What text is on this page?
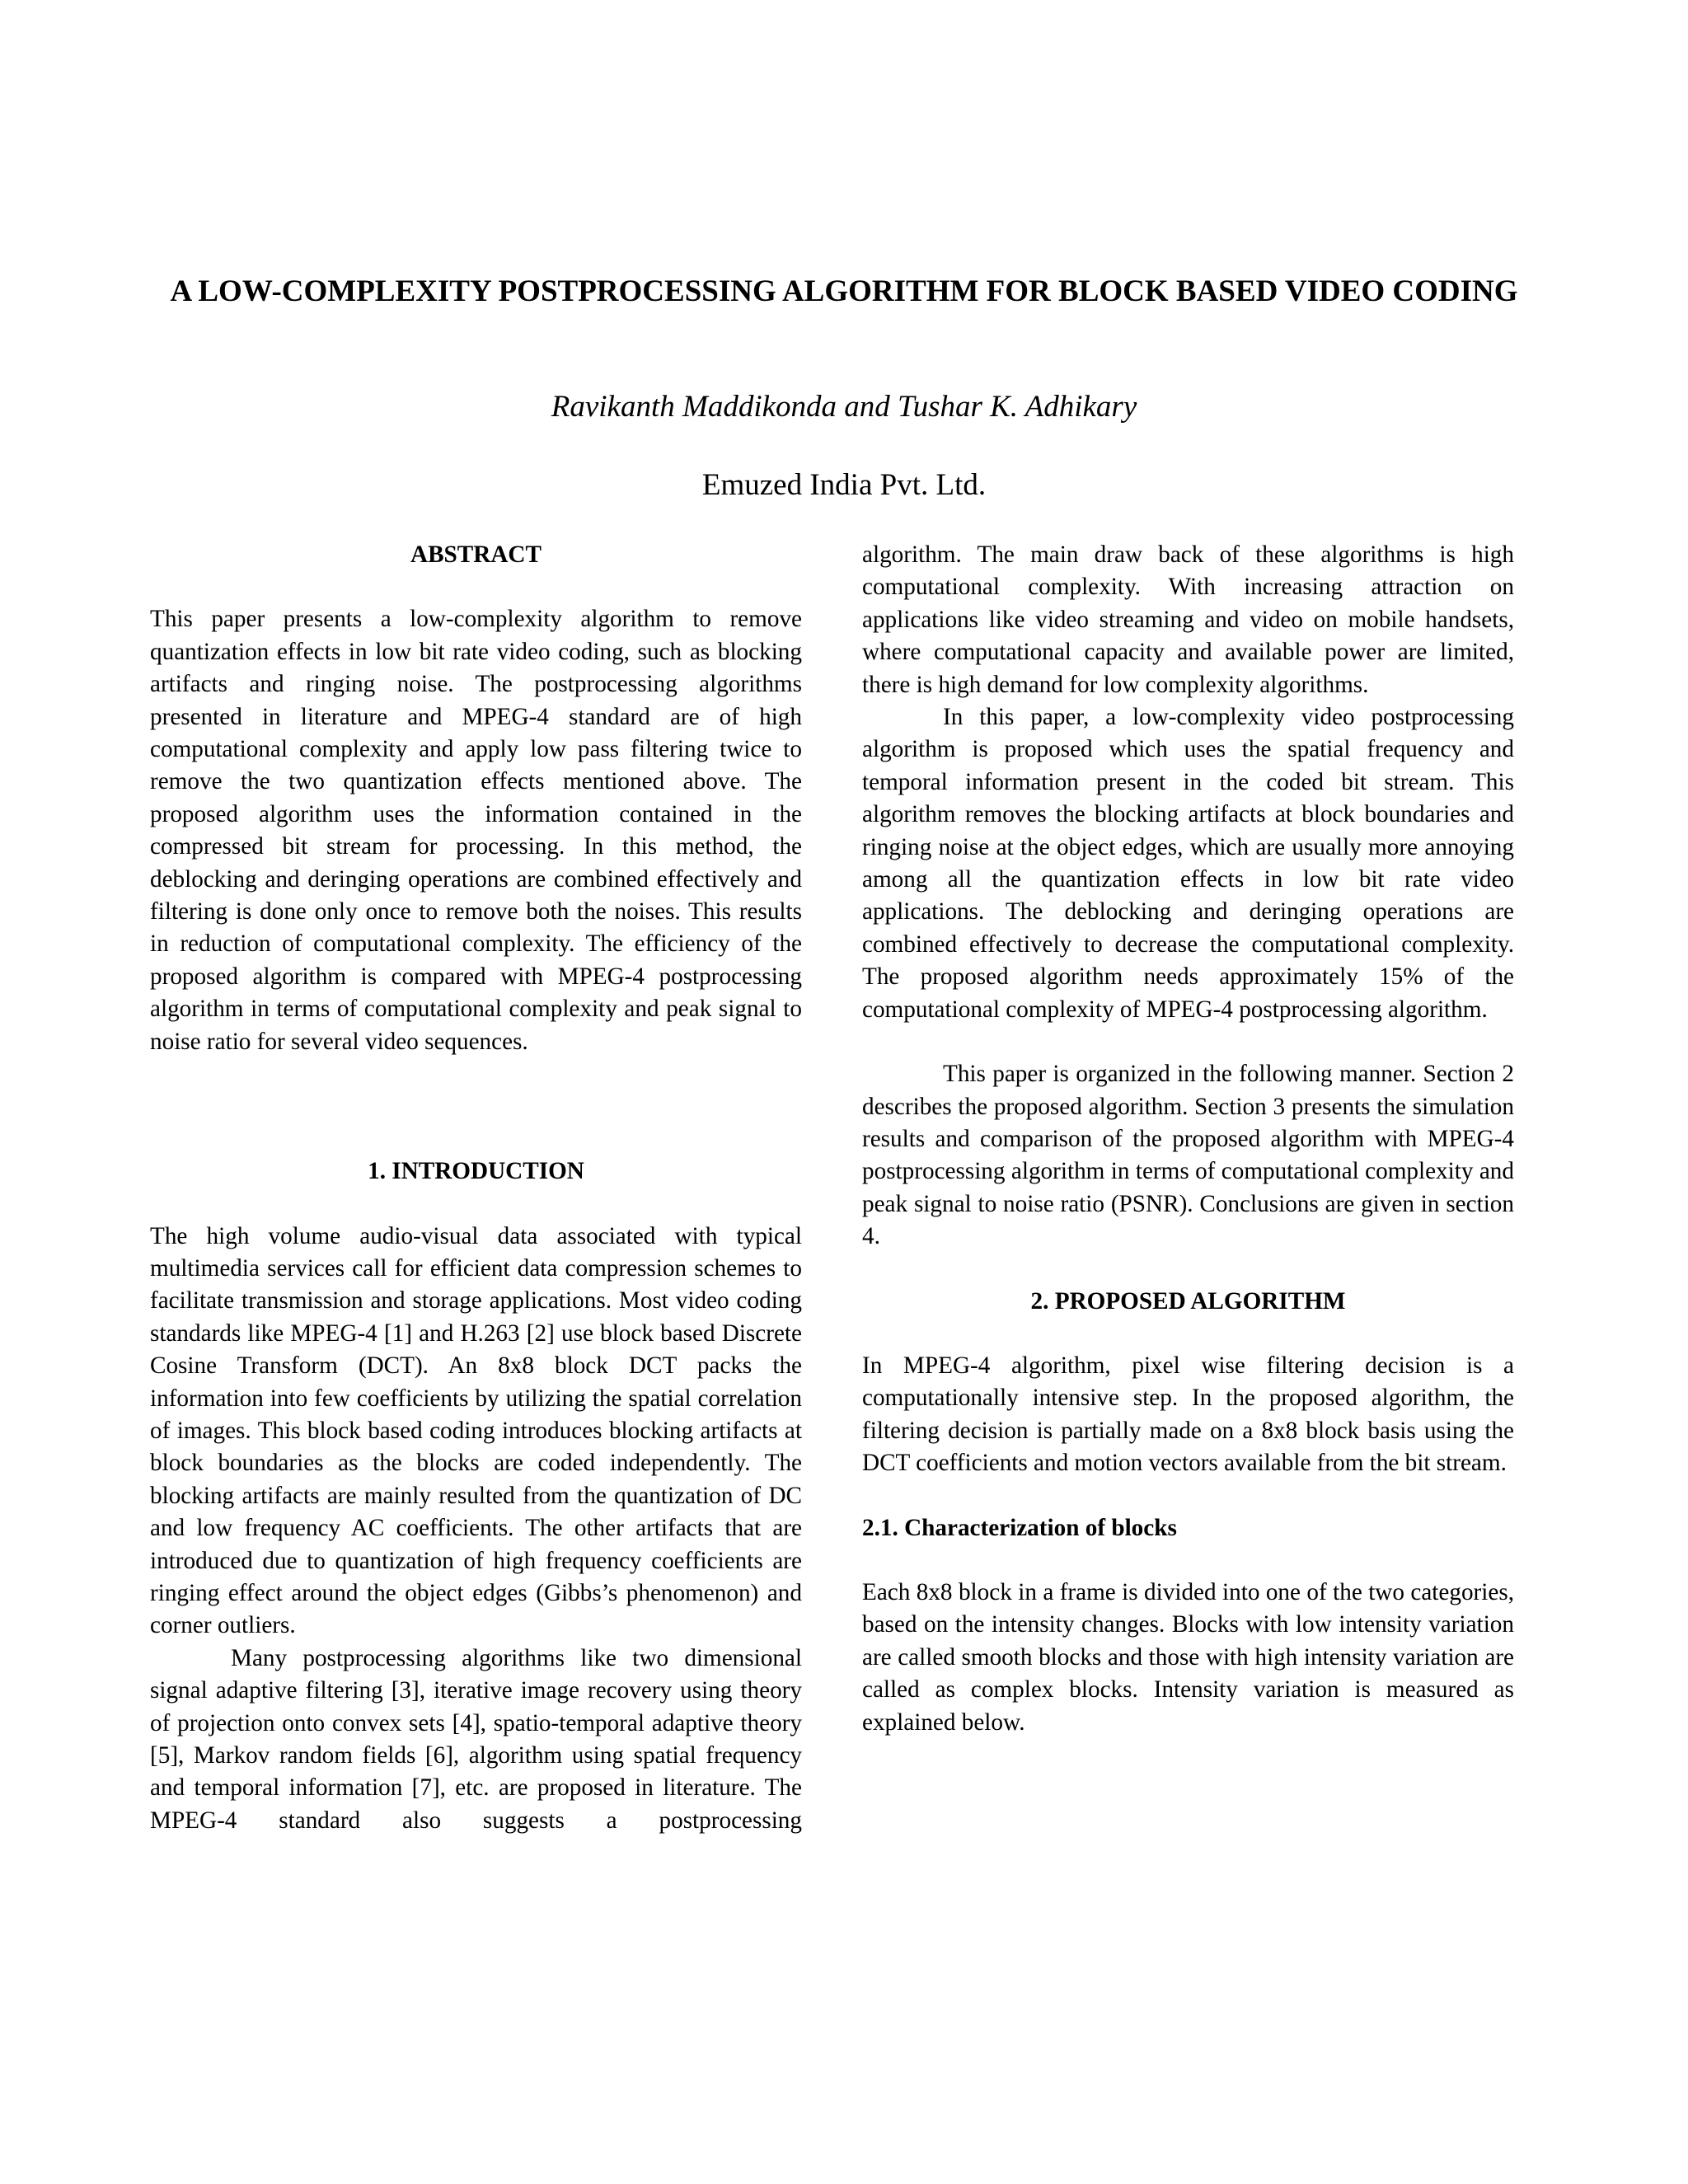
A LOW-COMPLEXITY POSTPROCESSING ALGORITHM FOR BLOCK BASED VIDEO CODING
Ravikanth Maddikonda and Tushar K. Adhikary
Emuzed India Pvt. Ltd.
ABSTRACT

This paper presents a low-complexity algorithm to remove quantization effects in low bit rate video coding, such as blocking artifacts and ringing noise. The postprocessing algorithms presented in literature and MPEG-4 standard are of high computational complexity and apply low pass filtering twice to remove the two quantization effects mentioned above. The proposed algorithm uses the information contained in the compressed bit stream for processing. In this method, the deblocking and deringing operations are combined effectively and filtering is done only once to remove both the noises. This results in reduction of computational complexity. The efficiency of the proposed algorithm is compared with MPEG-4 postprocessing algorithm in terms of computational complexity and peak signal to noise ratio for several video sequences.

1. INTRODUCTION

The high volume audio-visual data associated with typical multimedia services call for efficient data compression schemes to facilitate transmission and storage applications. Most video coding standards like MPEG-4 [1] and H.263 [2] use block based Discrete Cosine Transform (DCT). An 8x8 block DCT packs the information into few coefficients by utilizing the spatial correlation of images. This block based coding introduces blocking artifacts at block boundaries as the blocks are coded independently. The blocking artifacts are mainly resulted from the quantization of DC and low frequency AC coefficients. The other artifacts that are introduced due to quantization of high frequency coefficients are ringing effect around the object edges (Gibbs’s phenomenon) and corner outliers.

Many postprocessing algorithms like two dimensional signal adaptive filtering [3], iterative image recovery using theory of projection onto convex sets [4], spatio-temporal adaptive theory [5], Markov random fields [6], algorithm using spatial frequency and temporal information [7], etc. are proposed in literature. The MPEG-4 standard also suggests a postprocessing

algorithm. The main draw back of these algorithms is high computational complexity. With increasing attraction on applications like video streaming and video on mobile handsets, where computational capacity and available power are limited, there is high demand for low complexity algorithms.

In this paper, a low-complexity video postprocessing algorithm is proposed which uses the spatial frequency and temporal information present in the coded bit stream. This algorithm removes the blocking artifacts at block boundaries and ringing noise at the object edges, which are usually more annoying among all the quantization effects in low bit rate video applications. The deblocking and deringing operations are combined effectively to decrease the computational complexity. The proposed algorithm needs approximately 15% of the computational complexity of MPEG-4 postprocessing algorithm.

This paper is organized in the following manner. Section 2 describes the proposed algorithm. Section 3 presents the simulation results and comparison of the proposed algorithm with MPEG-4 postprocessing algorithm in terms of computational complexity and peak signal to noise ratio (PSNR). Conclusions are given in section 4.

2. PROPOSED ALGORITHM

In MPEG-4 algorithm, pixel wise filtering decision is a computationally intensive step. In the proposed algorithm, the filtering decision is partially made on a 8x8 block basis using the DCT coefficients and motion vectors available from the bit stream.

2.1. Characterization of blocks

Each 8x8 block in a frame is divided into one of the two categories, based on the intensity changes. Blocks with low intensity variation are called smooth blocks and those with high intensity variation are called as complex blocks. Intensity variation is measured as explained below.
